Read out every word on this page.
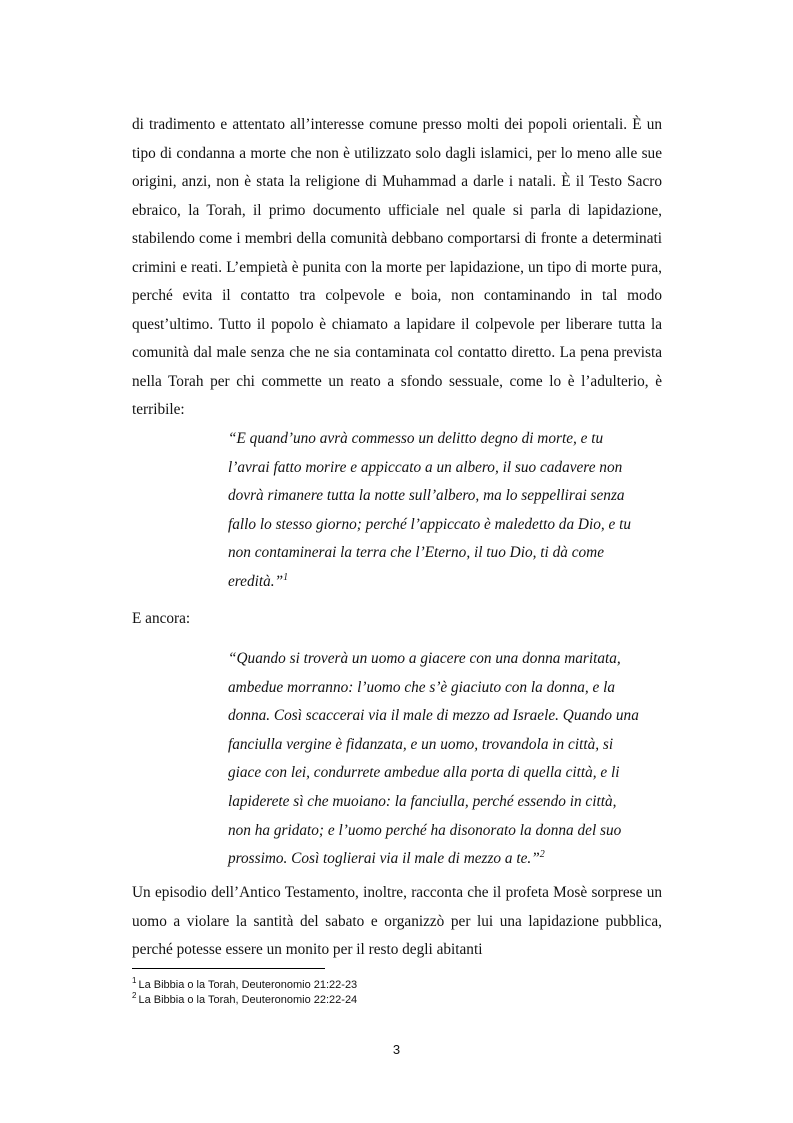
di tradimento e attentato all’interesse comune presso molti dei popoli orientali. È un tipo di condanna a morte che non è utilizzato solo dagli islamici, per lo meno alle sue origini, anzi, non è stata la religione di Muhammad a darle i natali. È il Testo Sacro ebraico, la Torah, il primo documento ufficiale nel quale si parla di lapidazione, stabilendo come i membri della comunità debbano comportarsi di fronte a determinati crimini e reati. L’empietà è punita con la morte per lapidazione, un tipo di morte pura, perché evita il contatto tra colpevole e boia, non contaminando in tal modo quest’ultimo. Tutto il popolo è chiamato a lapidare il colpevole per liberare tutta la comunità dal male senza che ne sia contaminata col contatto diretto. La pena prevista nella Torah per chi commette un reato a sfondo sessuale, come lo è l’adulterio, è terribile:

“E quand’uno avrà commesso un delitto degno di morte, e tu
l’avrai fatto morire e appiccato a un albero, il suo cadavere non
dovrà rimanere tutta la notte sull’albero, ma lo seppellirai senza
fallo lo stesso giorno; perché l’appiccato è maledetto da Dio, e tu
non contaminerai la terra che l’Eterno, il tuo Dio, ti dà come
eredità.”$^1$

E ancora:

“Quando si troverà un uomo a giacere con una donna maritata,
ambedue morranno: l’uomo che s’è giaciuto con la donna, e la
donna. Così scaccerai via il male di mezzo ad Israele. Quando una
fanciulla vergine è fidanzata, e un uomo, trovandola in città, si
giace con lei, condurrete ambedue alla porta di quella città, e li
lapiderete sì che muoiano: la fanciulla, perché essendo in città,
non ha gridato; e l’uomo perché ha disonorato la donna del suo
prossimo. Così toglierai via il male di mezzo a te.”$^2$

Un episodio dell’Antico Testamento, inoltre, racconta che il profeta Mosè sorprese un uomo a violare la santità del sabato e organizzò per lui una lapidazione pubblica, perché potesse essere un monito per il resto degli abitanti

$^1$ La Bibbia o la Torah, Deuteronomio 21:22-23
$^2$ La Bibbia o la Torah, Deuteronomio 22:22-24
3
